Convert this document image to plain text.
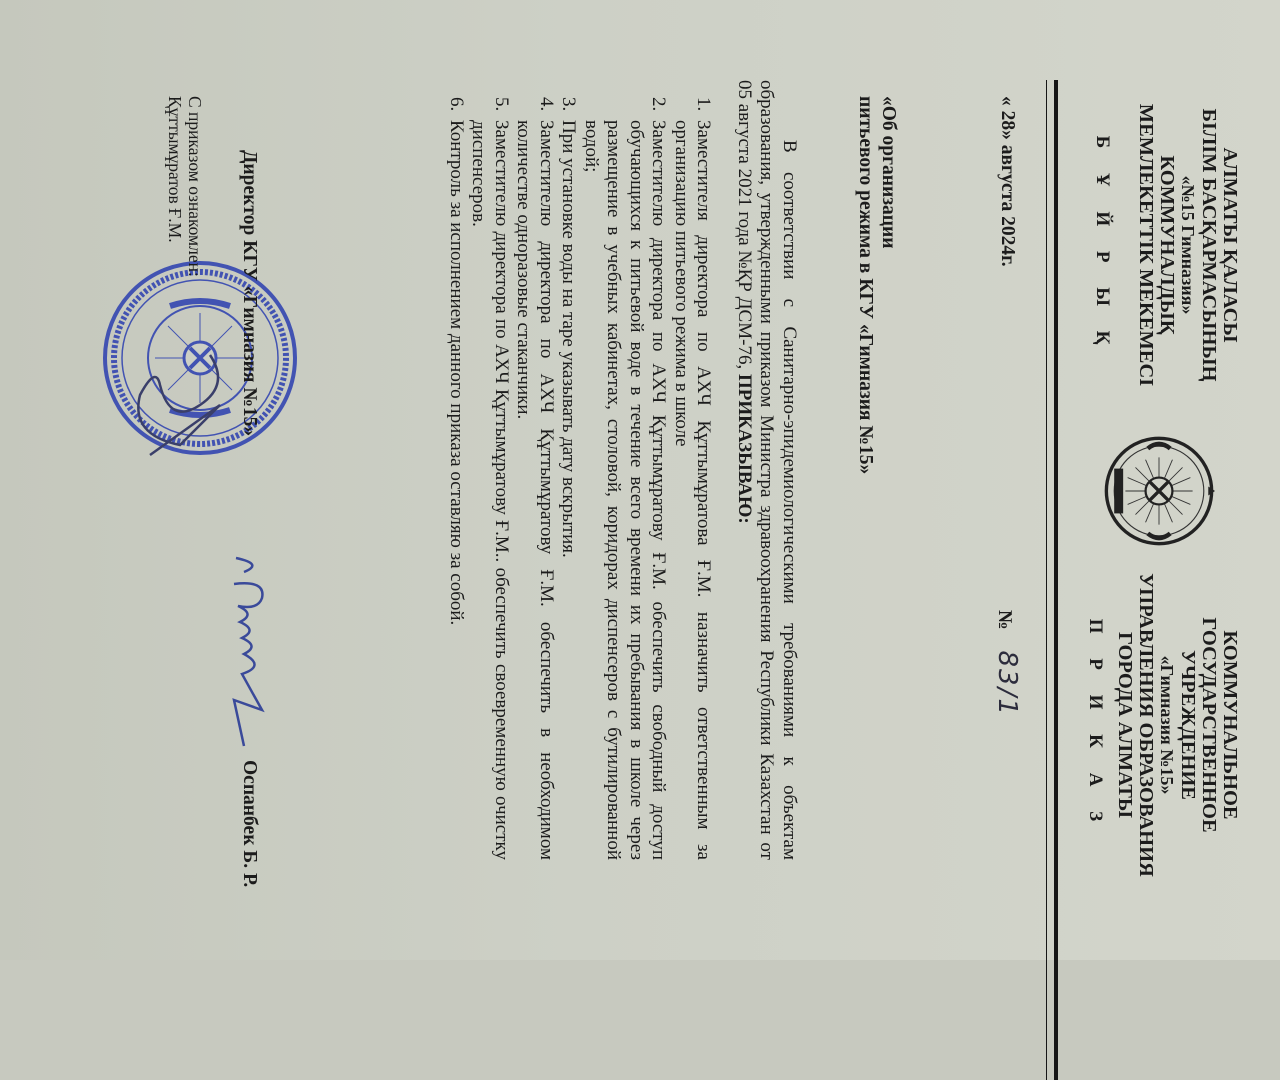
АЛМАТЫ ҚАЛАСЫ
БІЛІМ БАСҚАРМАСЫНЫҢ
«№15 Гимназия»
КОММУНАЛДЫҚ
МЕМЛЕКЕТТІК МЕКЕМЕСІ
Б Ұ Й Р Ы Қ
КОММУНАЛЬНОЕ
ГОСУДАРСТВЕННОЕ
УЧРЕЖДЕНИЕ
«Гимназия №15»
УПРАВЛЕНИЯ ОБРАЗОВАНИЯ
ГОРОДА АЛМАТЫ
П Р И К А З
« 28» августа 2024г.
№ 83/1
«Об организации
питьевого режима в КГУ «Гимназия №15»
В соответствии с Санитарно-эпидемиологическими требованиями к объектам образования, утвержденными приказом Министра здравоохранения Республики Казахстан от 05 августа 2021 года №ҚР ДСМ-76, ПРИКАЗЫВАЮ:
1. Заместителя директора по АХЧ Құттымұратова Ғ.М. назначить ответственным за организацию питьевого режима в школе
2. Заместителю директора по АХЧ Құттымұратову Ғ.М. обеспечить свободный доступ обучающихся к питьевой воде в течение всего времени их пребывания в школе через размещение в учебных кабинетах, столовой, коридорах диспенсеров с бутилированной водой;
3. При установке воды на таре указывать дату вскрытия.
4. Заместителю директора по АХЧ Құттымұратову Ғ.М. обеспечить в необходимом количестве одноразовые стаканчики.
5. Заместителю директора по АХЧ Құттымұратову Ғ.М.. обеспечить своевременную очистку диспенсеров.
6. Контроль за исполнением данного приказа оставляю за собой.
Директор КГУ «Гимназия №15»
Оспанбек Б. Р.
С приказом ознакомлен:
Құттымұратов Ғ.М.
